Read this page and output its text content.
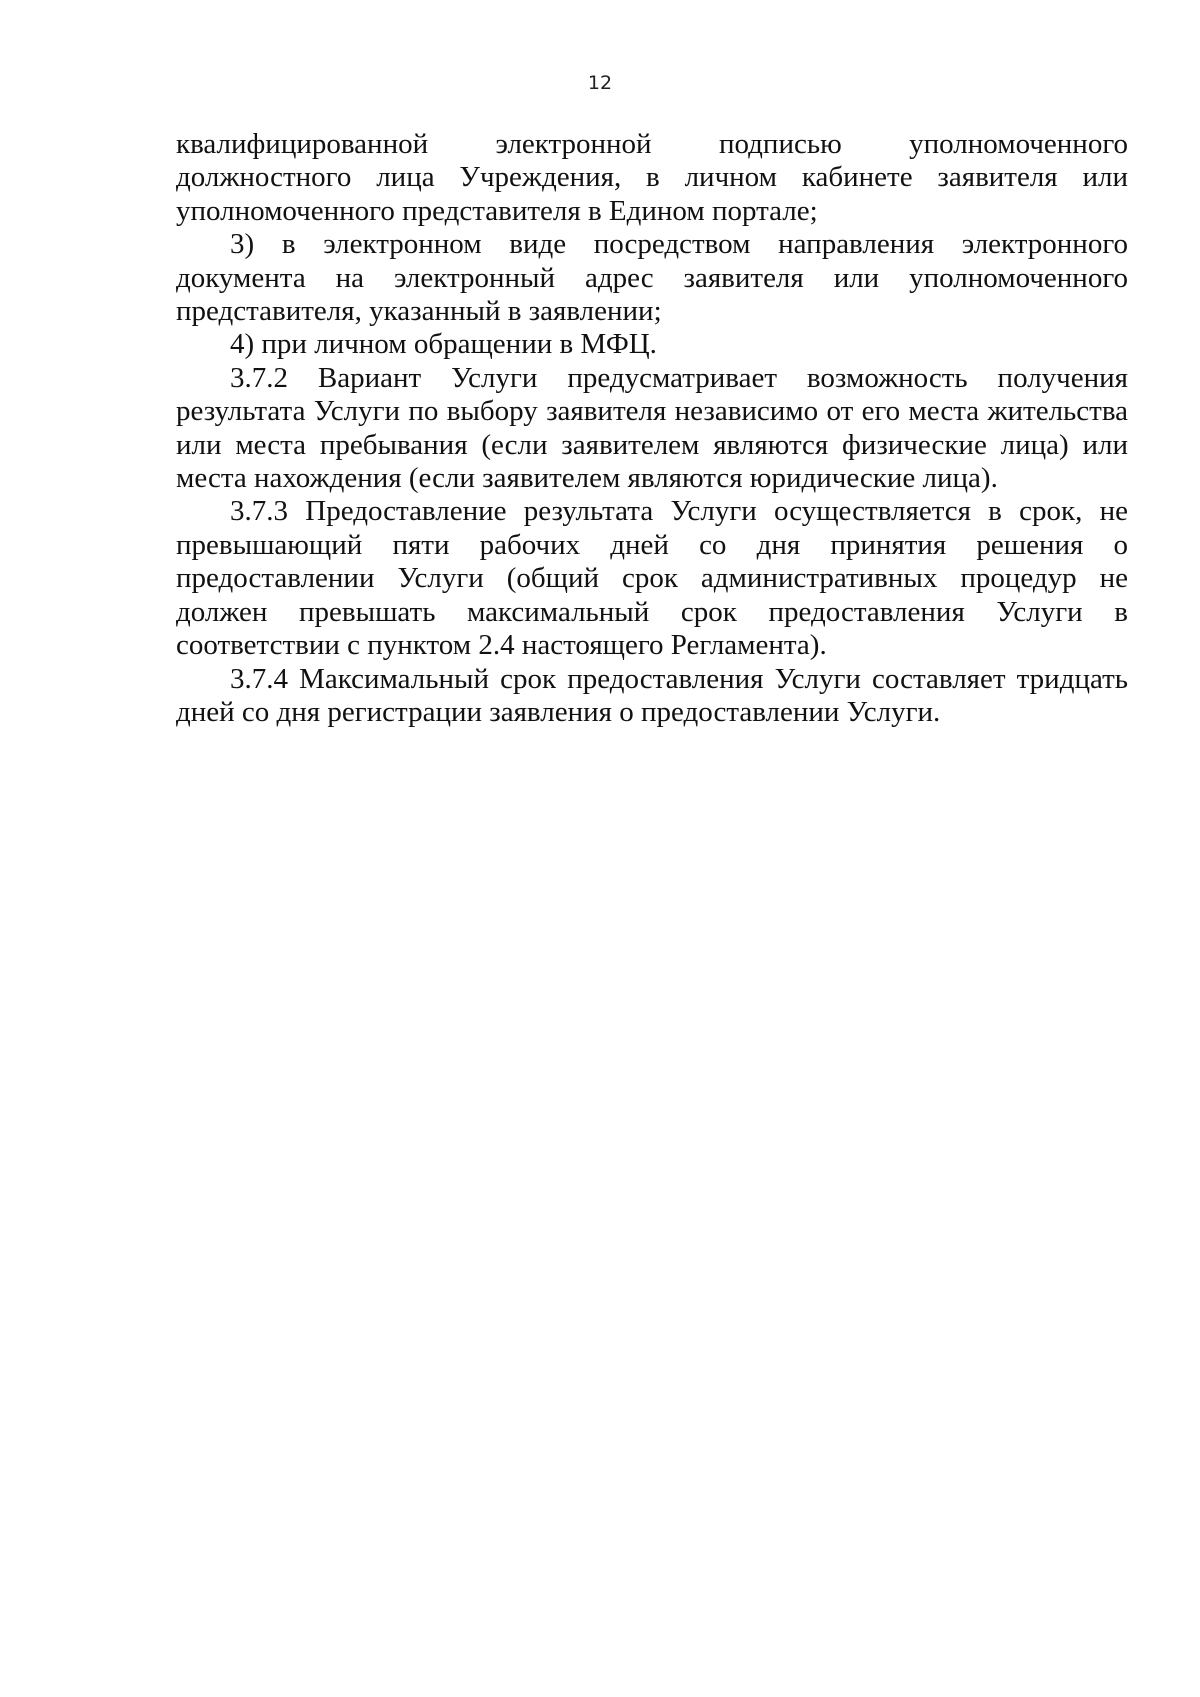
12

квалифицированной электронной подписью уполномоченного должностного лица Учреждения, в личном кабинете заявителя или уполномоченного представителя в Едином портале;

3) в электронном виде посредством направления электронного документа на электронный адрес заявителя или уполномоченного представителя, указанный в заявлении;

4) при личном обращении в МФЦ.

3.7.2 Вариант Услуги предусматривает возможность получения результата Услуги по выбору заявителя независимо от его места жительства или места пребывания (если заявителем являются физические лица) или места нахождения (если заявителем являются юридические лица).

3.7.3 Предоставление результата Услуги осуществляется в срок, не превышающий пяти рабочих дней со дня принятия решения о предоставлении Услуги (общий срок административных процедур не должен превышать максимальный срок предоставления Услуги в соответствии с пунктом 2.4 настоящего Регламента).

3.7.4 Максимальный срок предоставления Услуги составляет тридцать дней со дня регистрации заявления о предоставлении Услуги.
